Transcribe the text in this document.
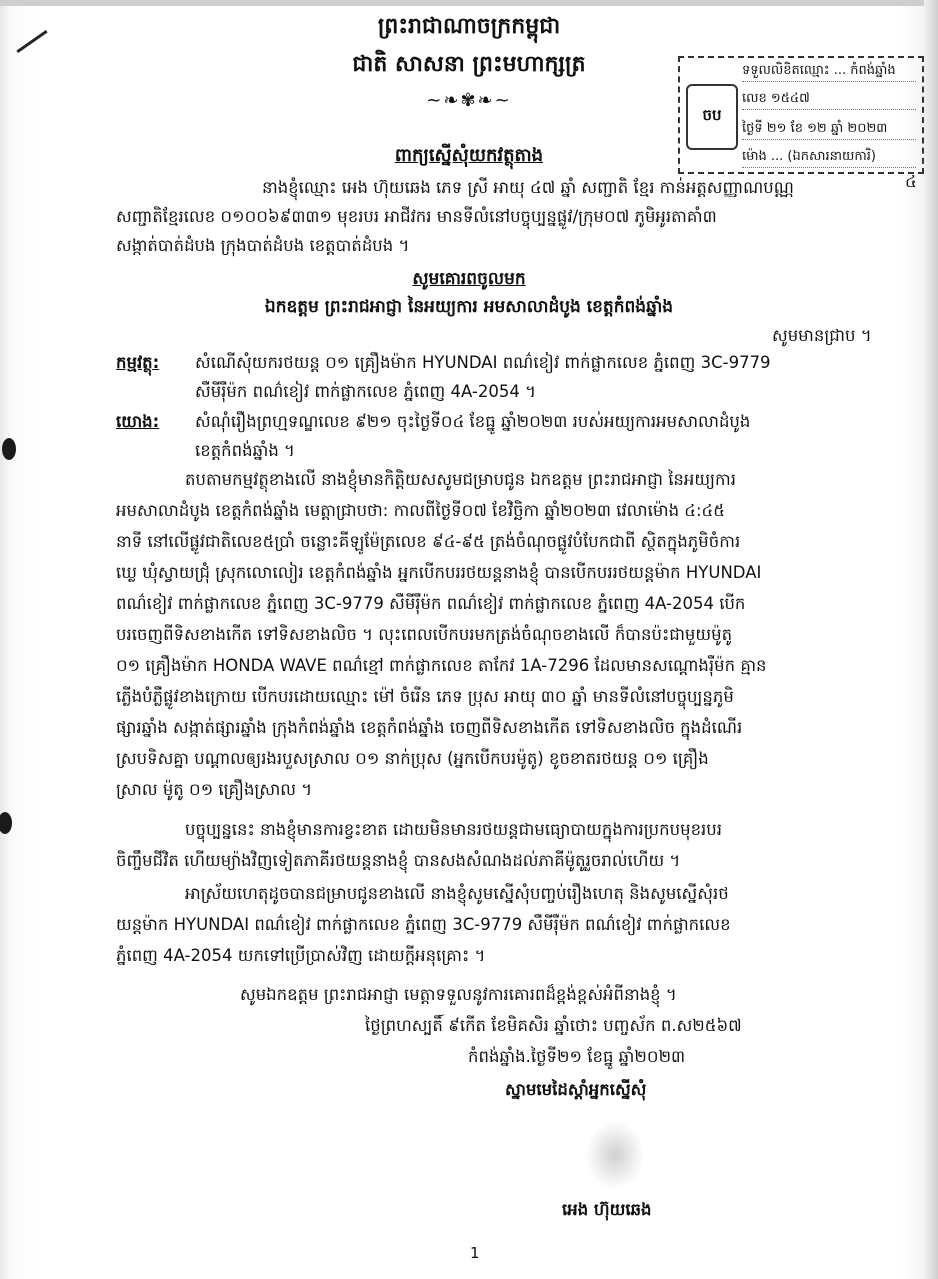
ព្រះរាជាណាចក្រកម្ពុជា
ជាតិ សាសនា ព្រះមហាក្សត្រ
~❧✾❧~
ចប
ទទួលលិខិតឈ្មោះ ... កំពង់ឆ្នាំង
លេខ ១៥៤៧
ថ្ងៃទី ២១ ខែ ១២ ឆ្នាំ ២០២៣
ម៉ោង ... (ឯកសារនាយការិ)
៤
ពាក្យស្នើសុំយកវត្ថុតាង
នាងខ្ញុំឈ្មោះ អេង ហ៊ុយឆេង ភេទ ស្រី អាយុ ៤៧ ឆ្នាំ សញ្ជាតិ ខ្មែរ កាន់អត្តសញ្ញាណបណ្ណ
សញ្ជាតិខ្មែរលេខ ០១០០៦៩៣៣១ មុខរបរ អាជីវករ មានទីលំនៅបច្ចុប្បន្នផ្លូវ/ក្រុម០៧ ភូមិអូរតាគាំ៣
សង្កាត់បាត់ដំបង ក្រុងបាត់ដំបង ខេត្តបាត់ដំបង ។
សូមគោរពចូលមក
ឯកឧត្តម ព្រះរាជអាជ្ញា នៃអយ្យការ អមសាលាដំបូង ខេត្តកំពង់ឆ្នាំង
សូមមានជ្រាប ។
កម្មវត្ថុ: សំណើសុំយករថយន្ត ០១ គ្រឿងម៉ាក HYUNDAI ពណ៌ខៀវ ពាក់ផ្លាកលេខ ភ្នំពេញ 3C-9779
សឺមីរ៉ឺម៉ក ពណ៌ខៀវ ពាក់ផ្លាកលេខ ភ្នំពេញ 4A-2054 ។
យោង: សំណុំរឿងព្រហ្មទណ្ឌលេខ ៩២១ ចុះថ្ងៃទី០៤ ខែធ្នូ ឆ្នាំ២០២៣ របស់អយ្យការអមសាលាដំបូង
ខេត្តកំពង់ឆ្នាំង ។
តបតាមកម្មវត្ថុខាងលើ នាងខ្ញុំមានកិត្តិយសសូមជម្រាបជូន ឯកឧត្តម ព្រះរាជអាជ្ញា នៃអយ្យការ
អមសាលាដំបូង ខេត្តកំពង់ឆ្នាំង មេត្តាជ្រាបថា: កាលពីថ្ងៃទី០៧ ខែវិច្ឆិកា ឆ្នាំ២០២៣ វេលាម៉ោង ៤:៤៥
នាទី នៅលើផ្លូវជាតិលេខ៥ប្រាំ ចន្លោះគីឡូម៉ែត្រលេខ ៩៤-៩៥ ត្រង់ចំណុចផ្លូវបំបែកជាពី ស្ថិតក្នុងភូមិចំការ
ឃ្លេ ឃុំស្វាយជ្រុំ ស្រុកលោលៀរ ខេត្តកំពង់ឆ្នាំង អ្នកបើកបររថយន្តនាងខ្ញុំ បានបើកបររថយន្តម៉ាក HYUNDAI
ពណ៌ខៀវ ពាក់ផ្លាកលេខ ភ្នំពេញ 3C-9779 សឺមីរ៉ឺម៉ក ពណ៌ខៀវ ពាក់ផ្លាកលេខ ភ្នំពេញ 4A-2054 បើក
បរចេញពីទិសខាងកើត ទៅទិសខាងលិច ។ លុះពេលបើកបរមកត្រង់ចំណុចខាងលើ ក៏បានប៉ះជាមួយម៉ូតូ
០១ គ្រឿងម៉ាក HONDA WAVE ពណ៌ខ្មៅ ពាក់ផ្លាកលេខ តាកែវ 1A-7296 ដែលមានសណ្តោងរ៉ឺម៉ក គ្មាន
ភ្លើងបំភ្លឺផ្លូវខាងក្រោយ បើកបរដោយឈ្មោះ ម៉ៅ ចំរើន ភេទ ប្រុស អាយុ ៣០ ឆ្នាំ មានទីលំនៅបច្ចុប្បន្នភូមិ
ផ្សារឆ្នាំង សង្កាត់ផ្សារឆ្នាំង ក្រុងកំពង់ឆ្នាំង ខេត្តកំពង់ឆ្នាំង ចេញពីទិសខាងកើត ទៅទិសខាងលិច ក្នុងដំណើរ
ស្របទិសគ្នា បណ្តាលឲ្យរងរបួសស្រាល ០១ នាក់ប្រុស (អ្នកបើកបរម៉ូតូ) ខូចខាតរថយន្ត ០១ គ្រឿង
ស្រាល ម៉ូតូ ០១ គ្រឿងស្រាល ។
បច្ចុប្បន្ននេះ នាងខ្ញុំមានការខ្វះខាត ដោយមិនមានរថយន្តជាមធ្យោបាយក្នុងការប្រកបមុខរបរ
ចិញ្ចឹមជីវិត ហើយម្យ៉ាងវិញទៀតភាគីរថយន្តនាងខ្ញុំ បានសងសំណងដល់ភាគីម៉ូតូរួចរាល់ហើយ ។
អាស្រ័យហេតុដូចបានជម្រាបជូនខាងលើ នាងខ្ញុំសូមស្នើសុំបញ្ចប់រឿងហេតុ និងសូមស្នើសុំរថ
យន្តម៉ាក HYUNDAI ពណ៌ខៀវ ពាក់ផ្លាកលេខ ភ្នំពេញ 3C-9779 សឺមីរ៉ឺម៉ក ពណ៌ខៀវ ពាក់ផ្លាកលេខ
ភ្នំពេញ 4A-2054 យកទៅប្រើប្រាស់វិញ ដោយក្តីអនុគ្រោះ ។
សូមឯកឧត្តម ព្រះរាជអាជ្ញា មេត្តាទទួលនូវការគោរពដ៏ខ្ពង់ខ្ពស់អំពីនាងខ្ញុំ ។
ថ្ងៃព្រហស្បតិ៍ ៩កើត ខែមិគសិរ ឆ្នាំថោះ បញ្ចស័ក ព.ស២៥៦៧
កំពង់ឆ្នាំង.ថ្ងៃទី២១ ខែធ្នូ ឆ្នាំ២០២៣
ស្នាមមេដៃស្តាំអ្នកស្នើសុំ
អេង ហ៊ុយឆេង
1
